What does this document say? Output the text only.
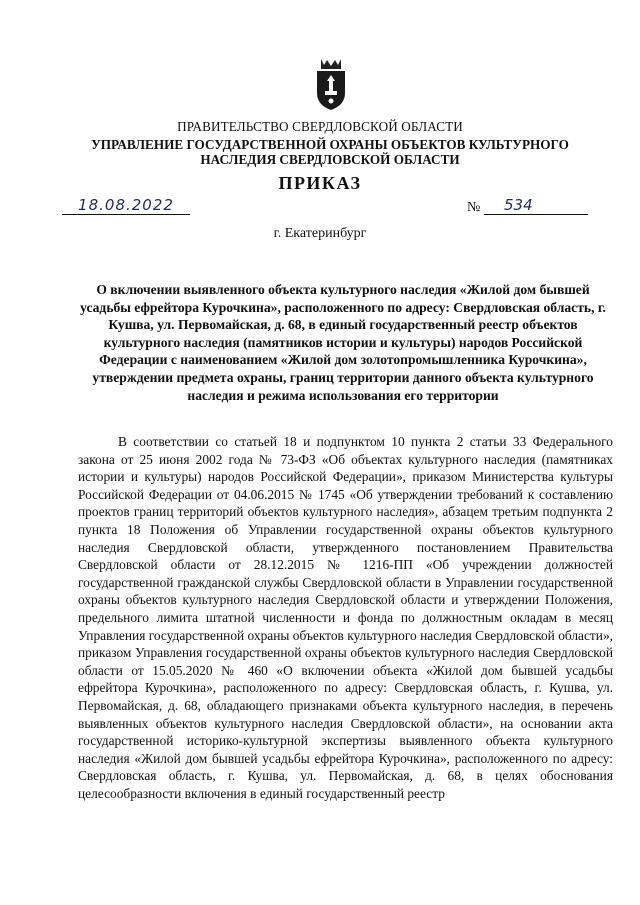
ПРАВИТЕЛЬСТВО СВЕРДЛОВСКОЙ ОБЛАСТИ
УПРАВЛЕНИЕ ГОСУДАРСТВЕННОЙ ОХРАНЫ ОБЪЕКТОВ КУЛЬТУРНОГО НАСЛЕДИЯ СВЕРДЛОВСКОЙ ОБЛАСТИ
ПРИКАЗ
18.08.2022	№	534
г. Екатеринбург
О включении выявленного объекта культурного наследия «Жилой дом бывшей усадьбы ефрейтора Курочкина», расположенного по адресу: Свердловская область, г. Кушва, ул. Первомайская, д. 68, в единый государственный реестр объектов культурного наследия (памятников истории и культуры) народов Российской Федерации с наименованием «Жилой дом золотопромышленника Курочкина», утверждении предмета охраны, границ территории данного объекта культурного наследия и режима использования его территории

В соответствии со статьей 18 и подпунктом 10 пункта 2 статьи 33 Федерального закона от 25 июня 2002 года № 73-ФЗ «Об объектах культурного наследия (памятниках истории и культуры) народов Российской Федерации», приказом Министерства культуры Российской Федерации от 04.06.2015 № 1745 «Об утверждении требований к составлению проектов границ территорий объектов культурного наследия», абзацем третьим подпункта 2 пункта 18 Положения об Управлении государственной охраны объектов культурного наследия Свердловской области, утвержденного постановлением Правительства Свердловской области от 28.12.2015 № 1216-ПП «Об учреждении должностей государственной гражданской службы Свердловской области в Управлении государственной охраны объектов культурного наследия Свердловской области и утверждении Положения, предельного лимита штатной численности и фонда по должностным окладам в месяц Управления государственной охраны объектов культурного наследия Свердловской области», приказом Управления государственной охраны объектов культурного наследия Свердловской области от 15.05.2020 № 460 «О включении объекта «Жилой дом бывшей усадьбы ефрейтора Курочкина», расположенного по адресу: Свердловская область, г. Кушва, ул. Первомайская, д. 68, обладающего признаками объекта культурного наследия, в перечень выявленных объектов культурного наследия Свердловской области», на основании акта государственной историко-культурной экспертизы выявленного объекта культурного наследия «Жилой дом бывшей усадьбы ефрейтора Курочкина», расположенного по адресу: Свердловская область, г. Кушва, ул. Первомайская, д. 68, в целях обоснования целесообразности включения в единый государственный реестр
